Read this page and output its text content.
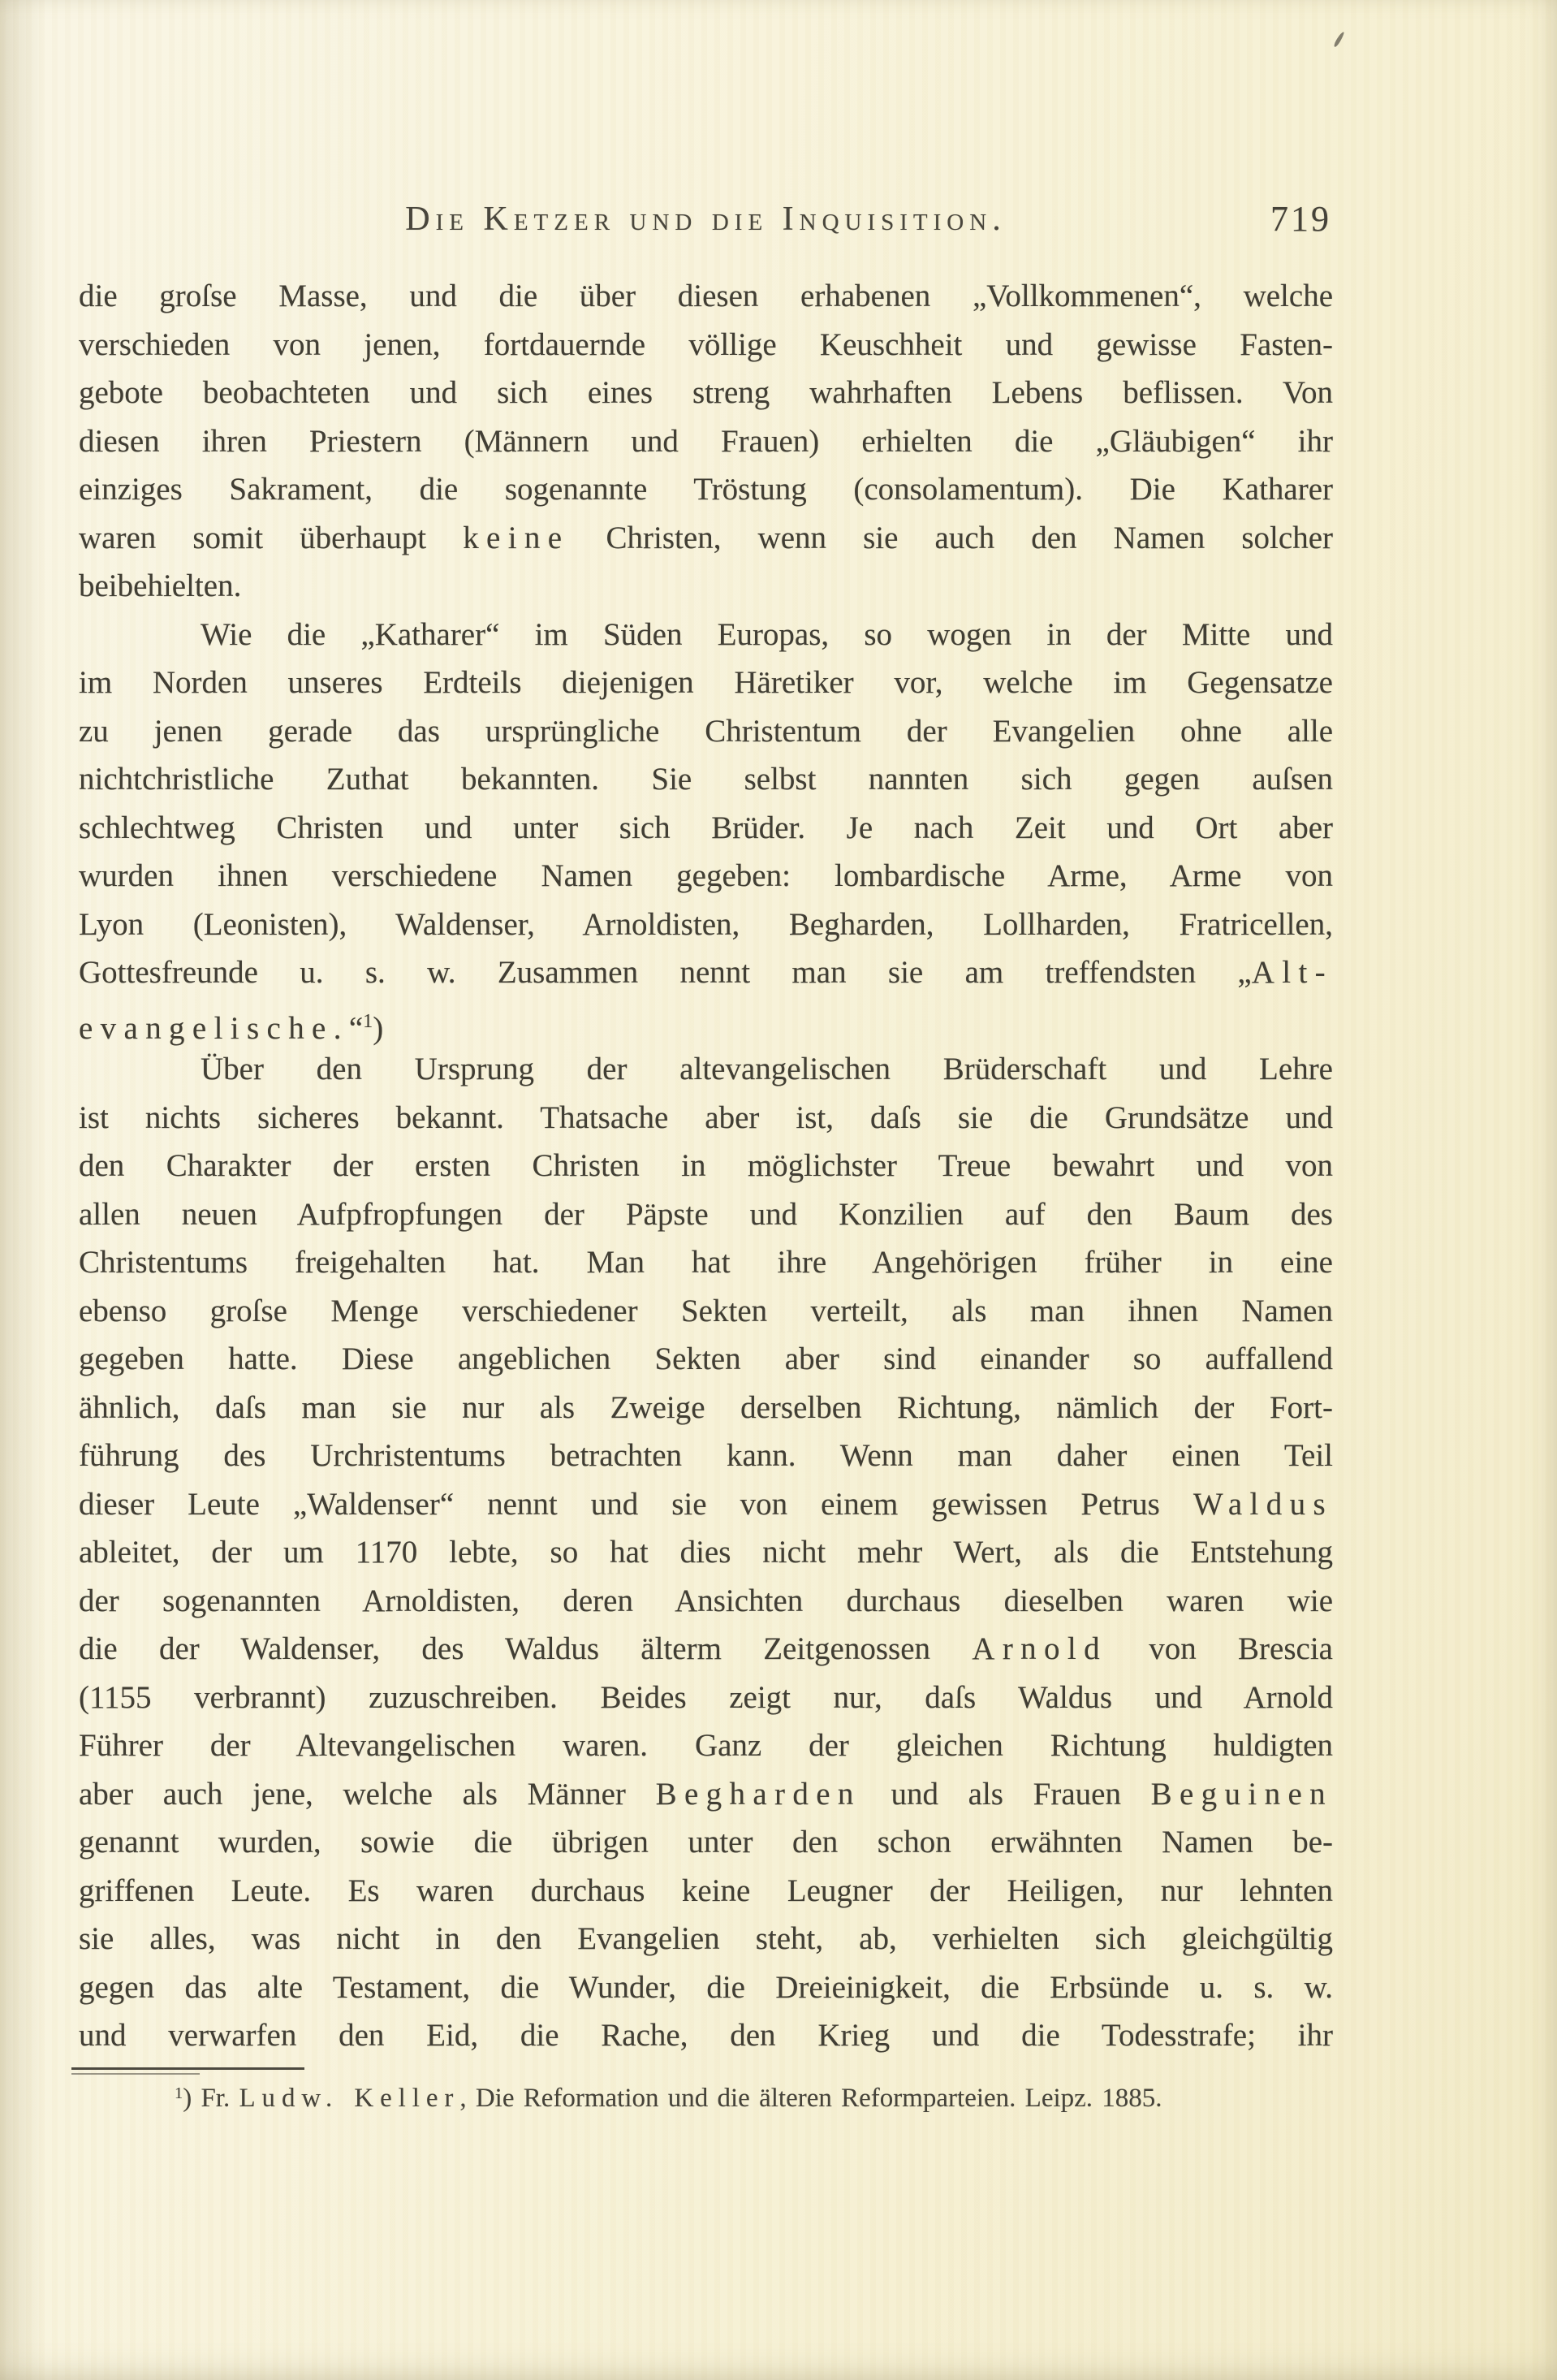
Die Ketzer und die Inquisition.	719
die groſse Masse, und die über diesen erhabenen „Vollkommenen“, welche
verschieden von jenen, fortdauernde völlige Keuschheit und gewisse Fasten-
gebote beobachteten und sich eines streng wahrhaften Lebens beflissen. Von
diesen ihren Priestern (Männern und Frauen) erhielten die „Gläubigen“ ihr
einziges Sakrament, die sogenannte Tröstung (consolamentum). Die Katharer
waren somit überhaupt keine Christen, wenn sie auch den Namen solcher
beibehielten.
Wie die „Katharer“ im Süden Europas, so wogen in der Mitte und
im Norden unseres Erdteils diejenigen Häretiker vor, welche im Gegensatze
zu jenen gerade das ursprüngliche Christentum der Evangelien ohne alle
nichtchristliche Zuthat bekannten. Sie selbst nannten sich gegen auſsen
schlechtweg Christen und unter sich Brüder. Je nach Zeit und Ort aber
wurden ihnen verschiedene Namen gegeben: lombardische Arme, Arme von
Lyon (Leonisten), Waldenser, Arnoldisten, Begharden, Lollharden, Fratricellen,
Gottesfreunde u. s. w. Zusammen nennt man sie am treffendsten „Alt-
evangelische.“$^1$)
Über den Ursprung der altevangelischen Brüderschaft und Lehre
ist nichts sicheres bekannt. Thatsache aber ist, daſs sie die Grundsätze und
den Charakter der ersten Christen in möglichster Treue bewahrt und von
allen neuen Aufpfropfungen der Päpste und Konzilien auf den Baum des
Christentums freigehalten hat. Man hat ihre Angehörigen früher in eine
ebenso groſse Menge verschiedener Sekten verteilt, als man ihnen Namen
gegeben hatte. Diese angeblichen Sekten aber sind einander so auffallend
ähnlich, daſs man sie nur als Zweige derselben Richtung, nämlich der Fort-
führung des Urchristentums betrachten kann. Wenn man daher einen Teil
dieser Leute „Waldenser“ nennt und sie von einem gewissen Petrus Waldus
ableitet, der um 1170 lebte, so hat dies nicht mehr Wert, als die Entstehung
der sogenannten Arnoldisten, deren Ansichten durchaus dieselben waren wie
die der Waldenser, des Waldus älterm Zeitgenossen Arnold von Brescia
(1155 verbrannt) zuzuschreiben. Beides zeigt nur, daſs Waldus und Arnold
Führer der Altevangelischen waren. Ganz der gleichen Richtung huldigten
aber auch jene, welche als Männer Begharden und als Frauen Beguinen
genannt wurden, sowie die übrigen unter den schon erwähnten Namen be-
griffenen Leute. Es waren durchaus keine Leugner der Heiligen, nur lehnten
sie alles, was nicht in den Evangelien steht, ab, verhielten sich gleichgültig
gegen das alte Testament, die Wunder, die Dreieinigkeit, die Erbsünde u. s. w.
und verwarfen den Eid, die Rache, den Krieg und die Todesstrafe; ihr
$^1$) Fr. Ludw. Keller, Die Reformation und die älteren Reformparteien. Leipz. 1885.
